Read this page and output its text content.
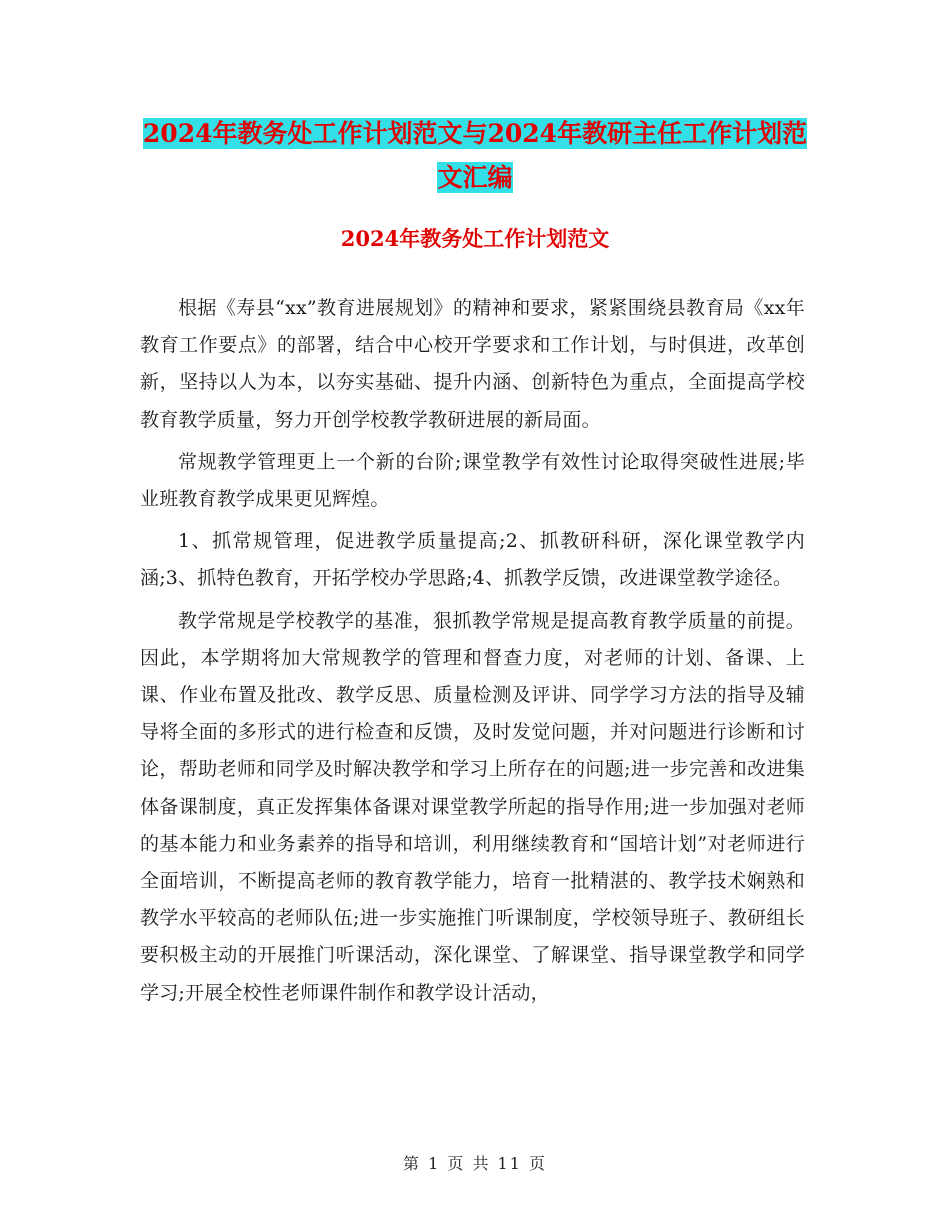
2024年教务处工作计划范文与2024年教研主任工作计划范文汇编
2024年教务处工作计划范文

根据《寿县“xx”教育进展规划》的精神和要求，紧紧围绕县教育局《xx年教育工作要点》的部署，结合中心校开学要求和工作计划，与时俱进，改革创新，坚持以人为本，以夯实基础、提升内涵、创新特色为重点，全面提高学校教育教学质量，努力开创学校教学教研进展的新局面。

常规教学管理更上一个新的台阶;课堂教学有效性讨论取得突破性进展;毕业班教育教学成果更见辉煌。

1、抓常规管理，促进教学质量提高;2、抓教研科研，深化课堂教学内涵;3、抓特色教育，开拓学校办学思路;4、抓教学反馈，改进课堂教学途径。

教学常规是学校教学的基准，狠抓教学常规是提高教育教学质量的前提。因此，本学期将加大常规教学的管理和督查力度，对老师的计划、备课、上课、作业布置及批改、教学反思、质量检测及评讲、同学学习方法的指导及辅导将全面的多形式的进行检查和反馈，及时发觉问题，并对问题进行诊断和讨论，帮助老师和同学及时解决教学和学习上所存在的问题;进一步完善和改进集体备课制度，真正发挥集体备课对课堂教学所起的指导作用;进一步加强对老师的基本能力和业务素养的指导和培训，利用继续教育和“国培计划”对老师进行全面培训，不断提高老师的教育教学能力，培育一批精湛的、教学技术娴熟和教学水平较高的老师队伍;进一步实施推门听课制度，学校领导班子、教研组长要积极主动的开展推门听课活动，深化课堂、了解课堂、指导课堂教学和同学学习;开展全校性老师课件制作和教学设计活动，

第 1 页 共 11 页
